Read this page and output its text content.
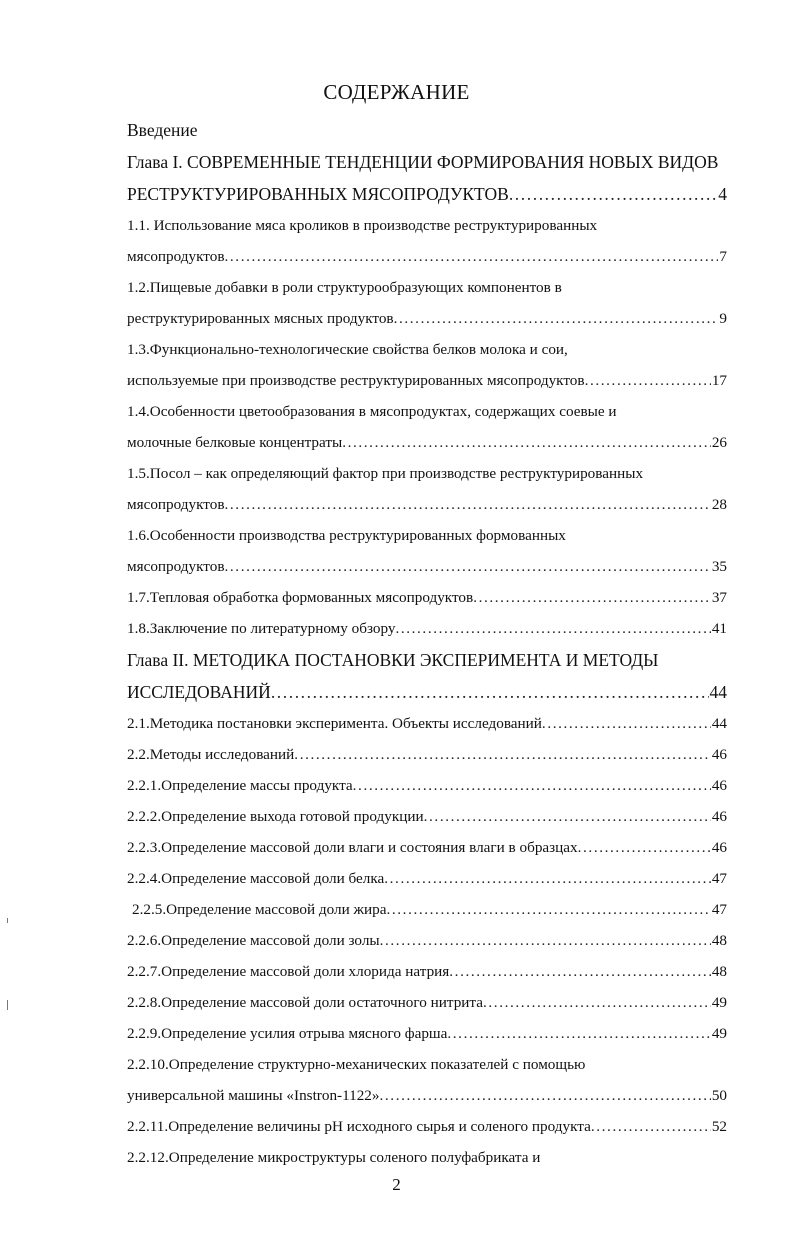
СОДЕРЖАНИЕ
Введение
Глава I. СОВРЕМЕННЫЕ ТЕНДЕНЦИИ ФОРМИРОВАНИЯ НОВЫХ ВИДОВ
РЕСТРУКТУРИРОВАННЫХ МЯСОПРОДУКТОВ .....	4
1.1. Использование мяса кроликов в производстве реструктурированных
мясопродуктов .....	7
1.2.Пищевые добавки в роли структурообразующих компонентов в
реструктурированных мясных продуктов .....	9
1.3.Функционально-технологические свойства белков молока и сои,
используемые при производстве реструктурированных мясопродуктов .....	17
1.4.Особенности цветообразования в мясопродуктах, содержащих соевые и
молочные белковые концентраты .....	26
1.5.Посол – как определяющий фактор при производстве реструктурированных
мясопродуктов .....	28
1.6.Особенности производства реструктурированных формованных
мясопродуктов .....	35
1.7.Тепловая обработка формованных мясопродуктов .....	37
1.8.Заключение по литературному обзору .....	41
Глава II. МЕТОДИКА ПОСТАНОВКИ ЭКСПЕРИМЕНТА И МЕТОДЫ
ИССЛЕДОВАНИЙ .....	44
2.1.Методика постановки эксперимента. Объекты исследований .....	44
2.2.Методы исследований .....	46
2.2.1.Определение массы продукта .....	46
2.2.2.Определение выхода готовой продукции .....	46
2.2.3.Определение массовой доли влаги и состояния влаги в образцах .....	46
2.2.4.Определение массовой доли белка .....	47
2.2.5.Определение массовой доли жира .....	47
2.2.6.Определение массовой доли золы .....	48
2.2.7.Определение массовой доли хлорида натрия .....	48
2.2.8.Определение массовой доли остаточного нитрита .....	49
2.2.9.Определение усилия отрыва мясного фарша .....	49
2.2.10.Определение структурно-механических показателей с помощью
универсальной машины «Instron-1122» .....	50
2.2.11.Определение величины pH исходного сырья и соленого продукта .....	52
2.2.12.Определение микроструктуры соленого полуфабриката и
2
